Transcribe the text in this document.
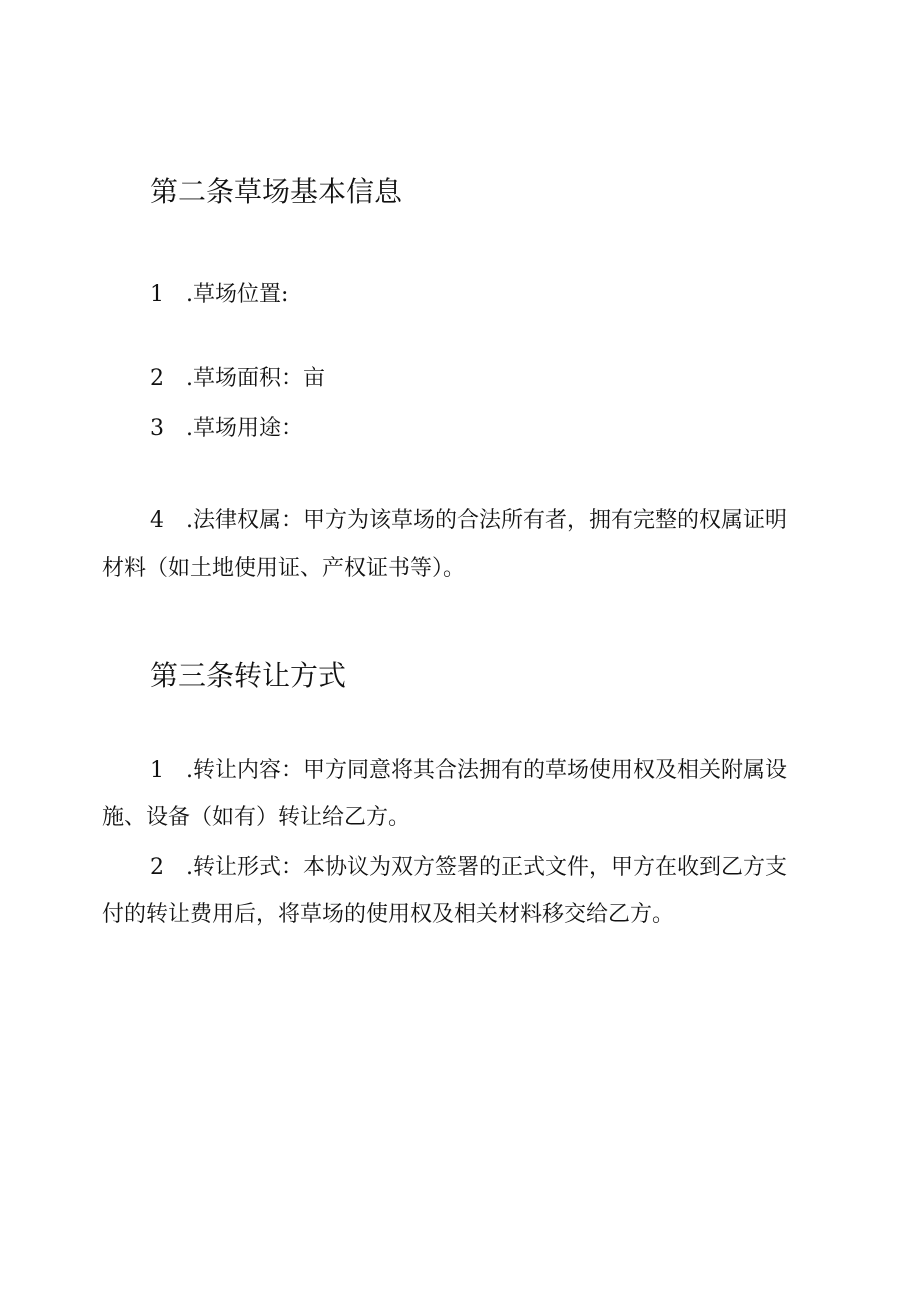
第二条草场基本信息

1 .草场位置:

2 .草场面积：亩

3 .草场用途：

4 .法律权属：甲方为该草场的合法所有者，拥有完整的权属证明

材料（如土地使用证、产权证书等）。

第三条转让方式

1 .转让内容：甲方同意将其合法拥有的草场使用权及相关附属设

施、设备（如有）转让给乙方。

2 .转让形式：本协议为双方签署的正式文件，甲方在收到乙方支

付的转让费用后，将草场的使用权及相关材料移交给乙方。
